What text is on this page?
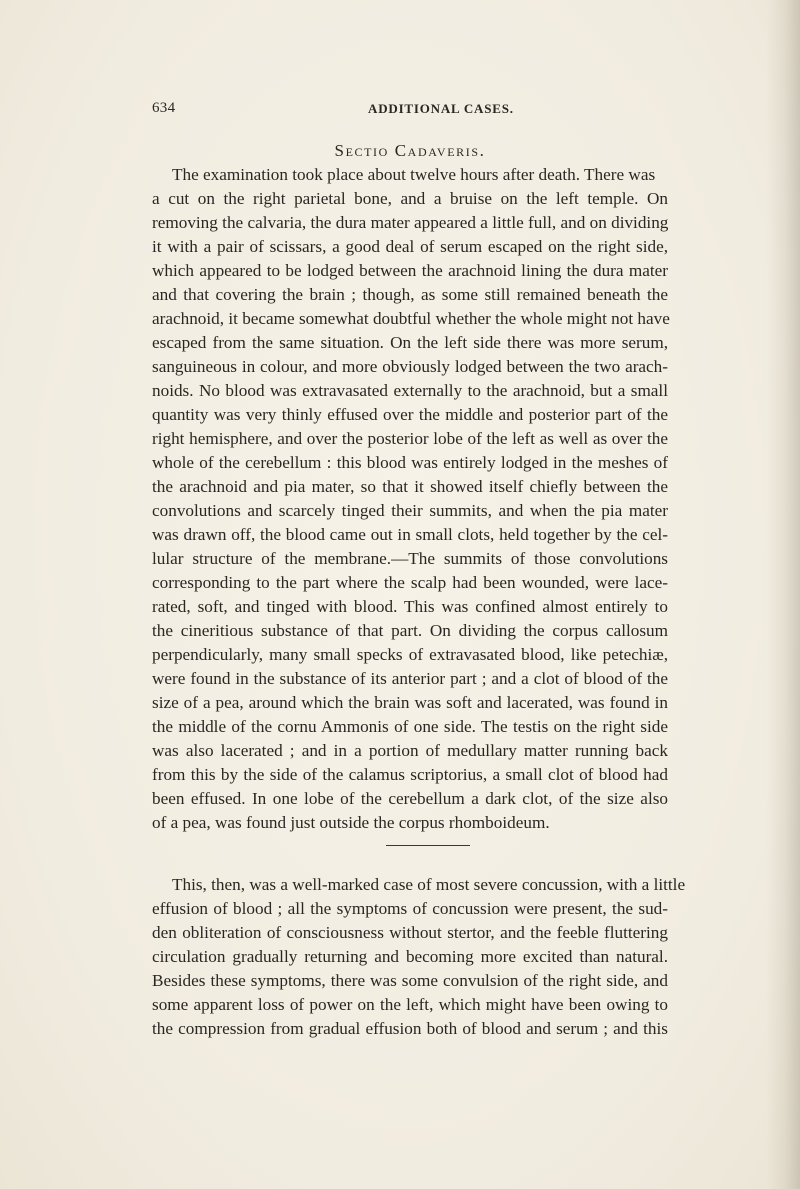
634	ADDITIONAL CASES.
Sectio Cadaveris.
The examination took place about twelve hours after death. There was
a cut on the right parietal bone, and a bruise on the left temple. On
removing the calvaria, the dura mater appeared a little full, and on dividing
it with a pair of scissars, a good deal of serum escaped on the right side,
which appeared to be lodged between the arachnoid lining the dura mater
and that covering the brain ; though, as some still remained beneath the
arachnoid, it became somewhat doubtful whether the whole might not have
escaped from the same situation. On the left side there was more serum,
sanguineous in colour, and more obviously lodged between the two arach-
noids. No blood was extravasated externally to the arachnoid, but a small
quantity was very thinly effused over the middle and posterior part of the
right hemisphere, and over the posterior lobe of the left as well as over the
whole of the cerebellum : this blood was entirely lodged in the meshes of
the arachnoid and pia mater, so that it showed itself chiefly between the
convolutions and scarcely tinged their summits, and when the pia mater
was drawn off, the blood came out in small clots, held together by the cel-
lular structure of the membrane.—The summits of those convolutions
corresponding to the part where the scalp had been wounded, were lace-
rated, soft, and tinged with blood. This was confined almost entirely to
the cineritious substance of that part. On dividing the corpus callosum
perpendicularly, many small specks of extravasated blood, like petechiæ,
were found in the substance of its anterior part ; and a clot of blood of the
size of a pea, around which the brain was soft and lacerated, was found in
the middle of the cornu Ammonis of one side. The testis on the right side
was also lacerated ; and in a portion of medullary matter running back
from this by the side of the calamus scriptorius, a small clot of blood had
been effused. In one lobe of the cerebellum a dark clot, of the size also
of a pea, was found just outside the corpus rhomboideum.
This, then, was a well-marked case of most severe concussion, with a little
effusion of blood ; all the symptoms of concussion were present, the sud-
den obliteration of consciousness without stertor, and the feeble fluttering
circulation gradually returning and becoming more excited than natural.
Besides these symptoms, there was some convulsion of the right side, and
some apparent loss of power on the left, which might have been owing to
the compression from gradual effusion both of blood and serum ; and this
